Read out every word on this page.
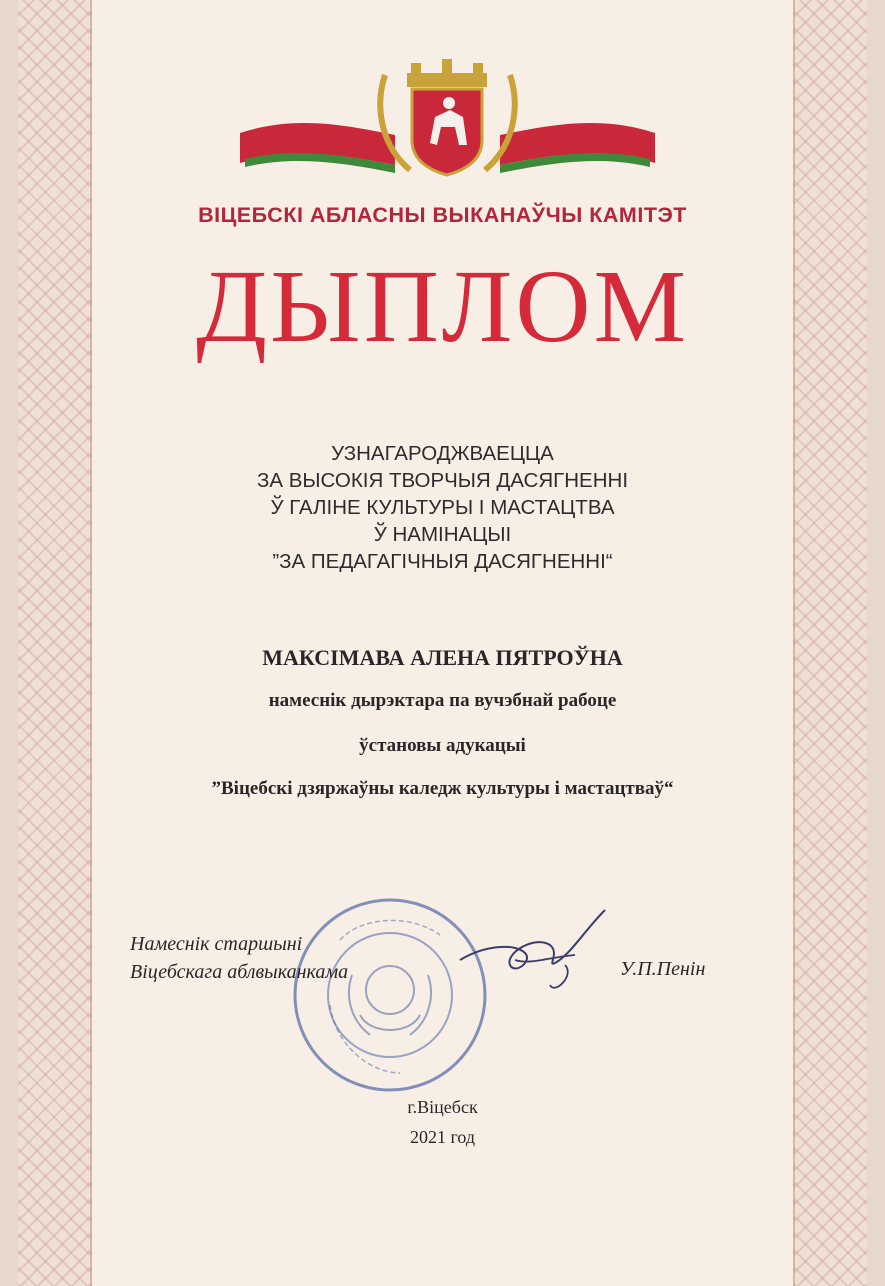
ВІЦЕБСКІ АБЛАСНЫ ВЫКАНАЎЧЫ КАМІТЭТ
ДЫПЛОМ
УЗНАГАРОДЖВАЕЦЦА
ЗА ВЫСОКІЯ ТВОРЧЫЯ ДАСЯГНЕННІ
Ў ГАЛІНЕ КУЛЬТУРЫ І МАСТАЦТВА
Ў НАМІНАЦЫІ
”ЗА ПЕДАГАГІЧНЫЯ ДАСЯГНЕННІ“
МАКСІМАВА АЛЕНА ПЯТРОЎНА
намеснік дырэктара па вучэбнай рабоце
ўстановы адукацыі
”Віцебскі дзяржаўны каледж культуры і мастацтваў“
Намеснік старшыні
Віцебскага аблвыканкама	У.П.Пенін
г.Віцебск
2021 год
